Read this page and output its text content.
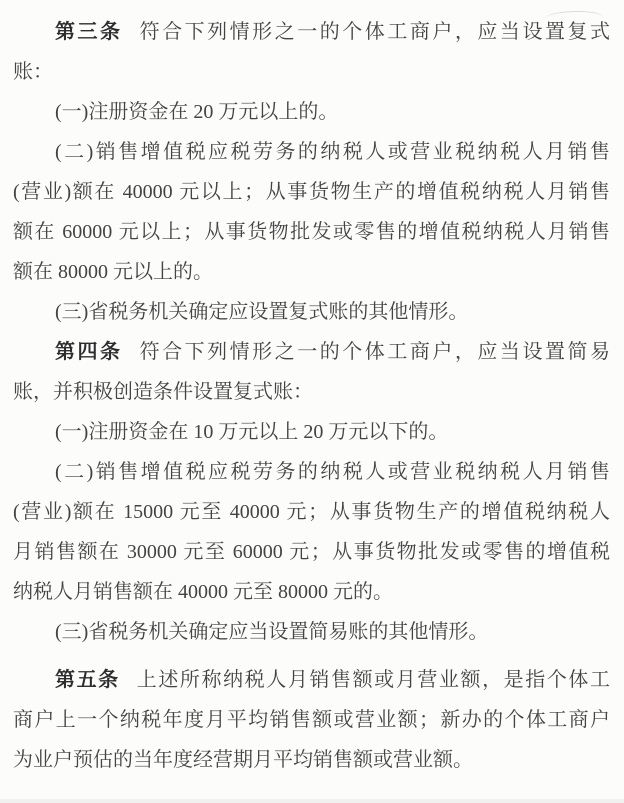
第三条 符合下列情形之一的个体工商户，应当设置复式
账：
(一)注册资金在 20 万元以上的。
(二)销售增值税应税劳务的纳税人或营业税纳税人月销售
(营业)额在 40000 元以上；从事货物生产的增值税纳税人月销售
额在 60000 元以上；从事货物批发或零售的增值税纳税人月销售
额在 80000 元以上的。
(三)省税务机关确定应设置复式账的其他情形。
第四条 符合下列情形之一的个体工商户，应当设置简易
账，并积极创造条件设置复式账：
(一)注册资金在 10 万元以上 20 万元以下的。
(二)销售增值税应税劳务的纳税人或营业税纳税人月销售
(营业)额在 15000 元至 40000 元；从事货物生产的增值税纳税人
月销售额在 30000 元至 60000 元；从事货物批发或零售的增值税
纳税人月销售额在 40000 元至 80000 元的。
(三)省税务机关确定应当设置简易账的其他情形。
第五条 上述所称纳税人月销售额或月营业额，是指个体工
商户上一个纳税年度月平均销售额或营业额；新办的个体工商户
为业户预估的当年度经营期月平均销售额或营业额。
